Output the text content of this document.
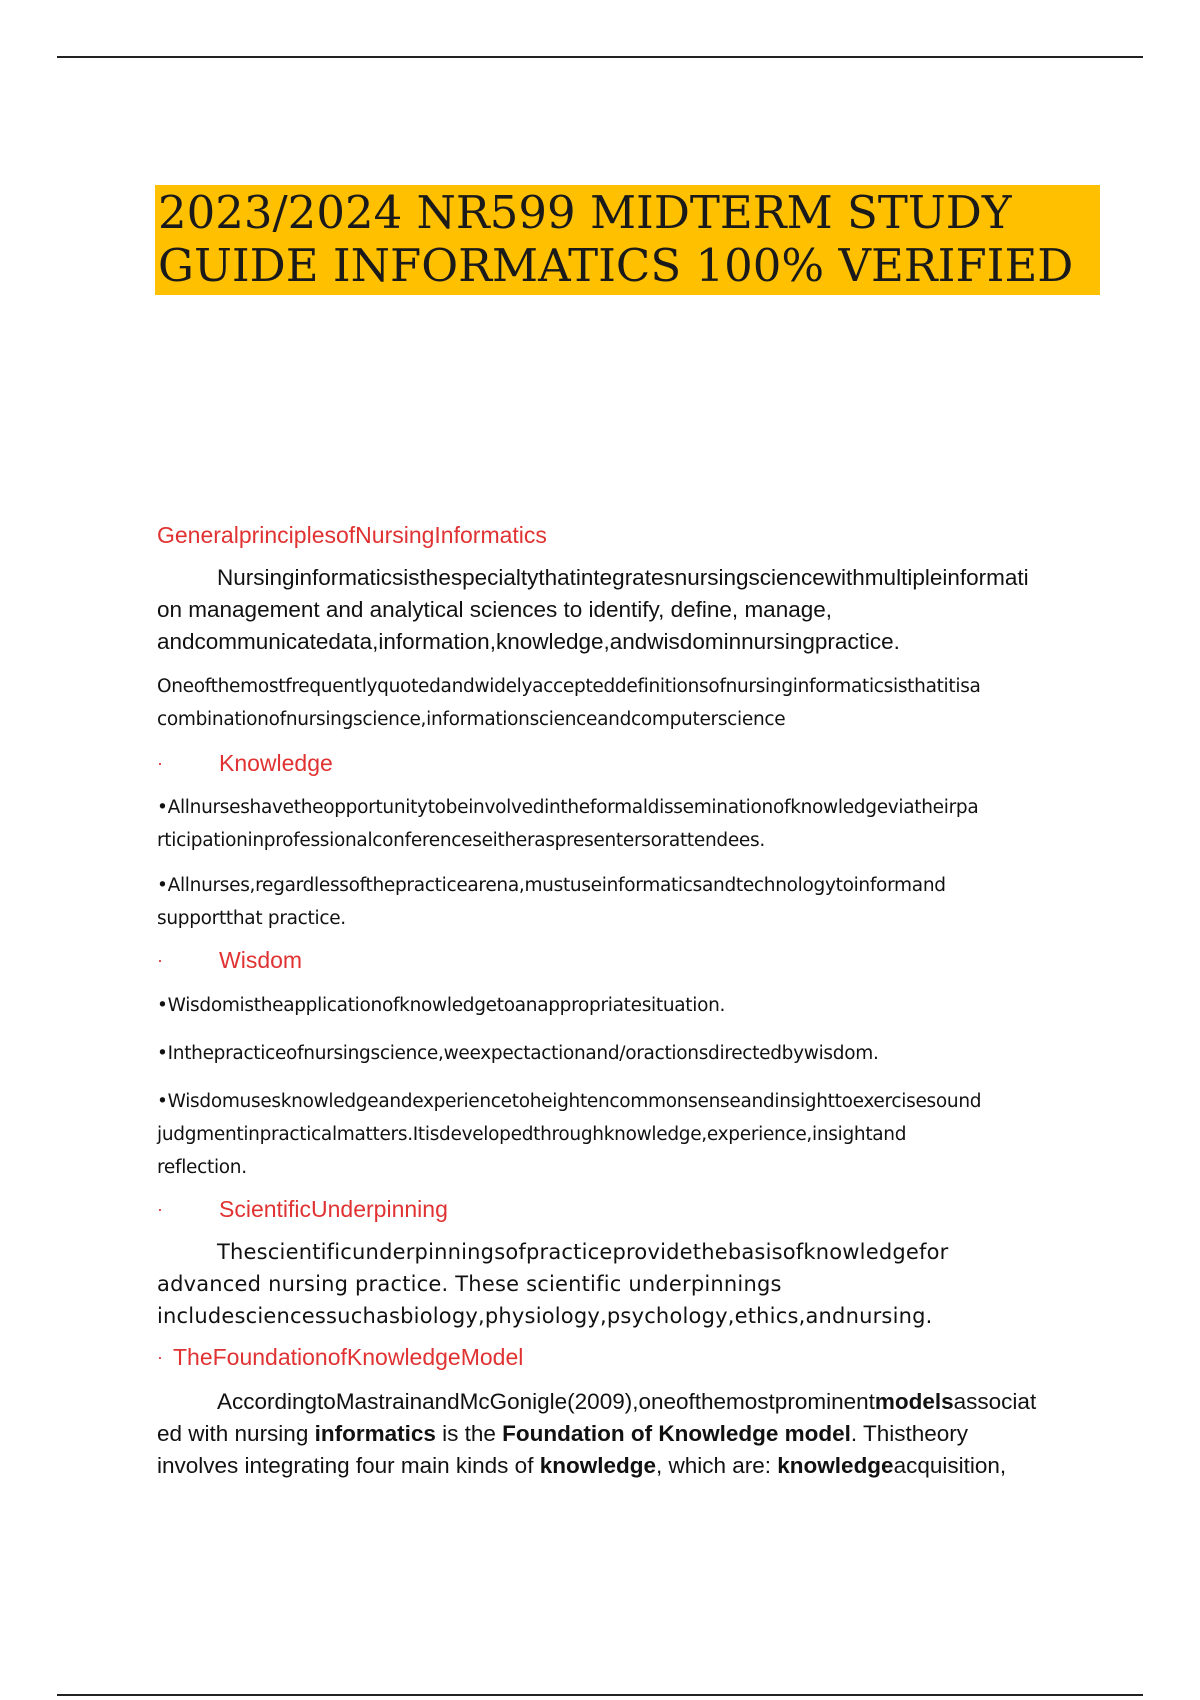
2023/2024 NR599 MIDTERM STUDY
GUIDE INFORMATICS 100% VERIFIED

GeneralprinciplesofNursingInformatics

Nursinginformaticsisthespecialtythatintegratesnursingsciencewithmultipleinformati
on management and analytical sciences to identify, define, manage,
andcommunicatedata,information,knowledge,andwisdominnursingpractice.

Oneofthemostfrequentlyquotedandwidelyaccepteddefinitionsofnursinginformaticsisthatitisa
combinationofnursingscience,informationscienceandcomputerscience

·	Knowledge

•Allnurseshavetheopportunitytobeinvolvedintheformaldisseminationofknowledgeviatheirpa
rticipationinprofessionalconferenceseitheraspresentersorattendees.

•Allnurses,regardlessofthepracticearena,mustuseinformaticsandtechnologytoinformand
supportthat practice.

·	Wisdom

•Wisdomistheapplicationofknowledgetoanappropriatesituation.

•Inthepracticeofnursingscience,weexpectactionand/oractionsdirectedbywisdom.

•Wisdomusesknowledgeandexperiencetoheightencommonsenseandinsighttoexercisesound
judgmentinpracticalmatters.Itisdevelopedthroughknowledge,experience,insightand
reflection.

·	ScientificUnderpinning

Thescientificunderpinningsofpracticeprovidethebasisofknowledgefor
advanced nursing practice. These scientific underpinnings
includesciencessuchasbiology,physiology,psychology,ethics,andnursing.

· TheFoundationofKnowledgeModel

AccordingtoMastrainandMcGonigle(2009),oneofthemostprominentmodelsassociat
ed with nursing informatics is the Foundation of Knowledge model. Thistheory
involves integrating four main kinds of knowledge, which are: knowledgeacquisition,
